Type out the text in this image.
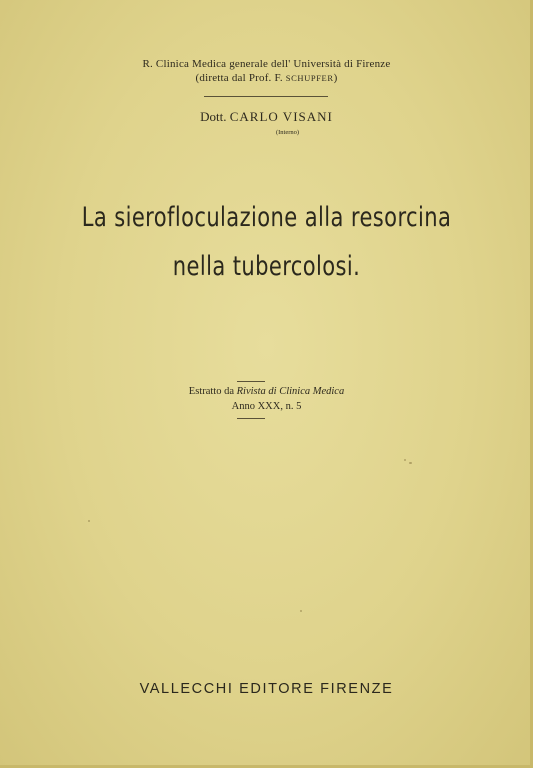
R. Clinica Medica generale dell' Università di Firenze
(diretta dal Prof. F. SCHUPFER)
Dott. CARLO VISANI
(Interno)
La sierofloculazione alla resorcina
nella tubercolosi.
Estratto da Rivista di Clinica Medica
Anno XXX, n. 5
VALLECCHI EDITORE FIRENZE
